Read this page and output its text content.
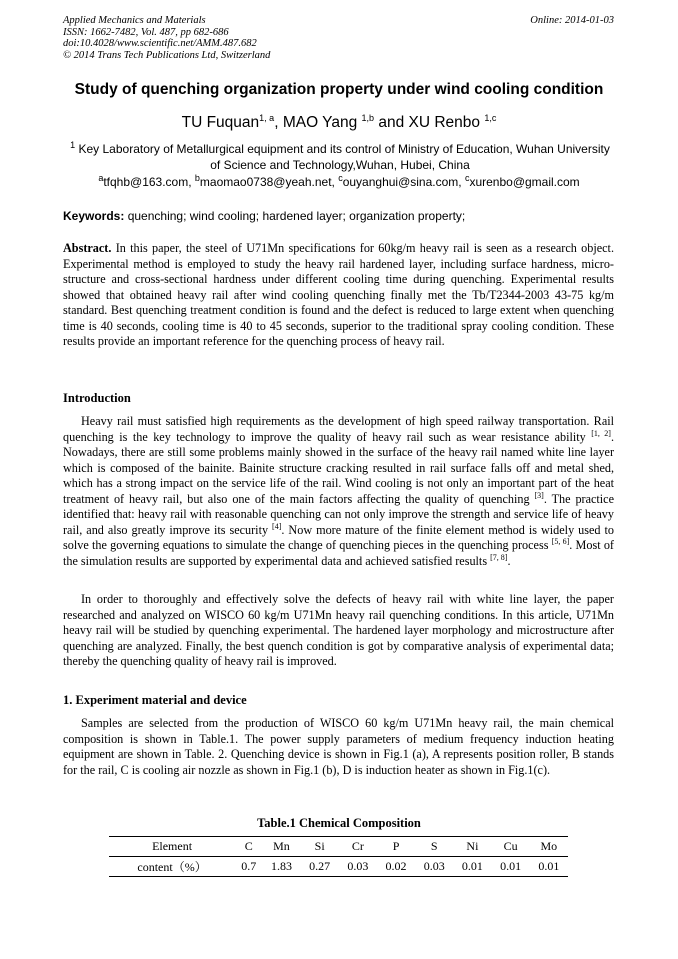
Applied Mechanics and Materials
ISSN: 1662-7482, Vol. 487, pp 682-686
doi:10.4028/www.scientific.net/AMM.487.682
© 2014 Trans Tech Publications Ltd, Switzerland
Online: 2014-01-03
Study of quenching organization property under wind cooling condition
TU Fuquan$^{1, a}$, MAO Yang $^{1,b}$ and XU Renbo $^{1,c}$
$^1$ Key Laboratory of Metallurgical equipment and its control of Ministry of Education, Wuhan University of Science and Technology,Wuhan, Hubei, China
$^a$tfqhb@163.com, $^b$maomao0738@yeah.net, $^c$ouyanghui@sina.com, $^c$xurenbo@gmail.com
Keywords: quenching; wind cooling; hardened layer; organization property;
Abstract. In this paper, the steel of U71Mn specifications for 60kg/m heavy rail is seen as a research object. Experimental method is employed to study the heavy rail hardened layer, including surface hardness, micro-structure and cross-sectional hardness under different cooling time during quenching. Experimental results showed that obtained heavy rail after wind cooling quenching finally met the Tb/T2344-2003 43-75 kg/m standard. Best quenching treatment condition is found and the defect is reduced to large extent when quenching time is 40 seconds, cooling time is 40 to 45 seconds, superior to the traditional spray cooling condition. These results provide an important reference for the quenching process of heavy rail.
Introduction
Heavy rail must satisfied high requirements as the development of high speed railway transportation. Rail quenching is the key technology to improve the quality of heavy rail such as wear resistance ability [1, 2]. Nowadays, there are still some problems mainly showed in the surface of the heavy rail named white line layer which is composed of the bainite. Bainite structure cracking resulted in rail surface falls off and metal shed, which has a strong impact on the service life of the rail. Wind cooling is not only an important part of the heat treatment of heavy rail, but also one of the main factors affecting the quality of quenching [3]. The practice identified that: heavy rail with reasonable quenching can not only improve the strength and service life of heavy rail, and also greatly improve its security [4]. Now more mature of the finite element method is widely used to solve the governing equations to simulate the change of quenching pieces in the quenching process [5, 6]. Most of the simulation results are supported by experimental data and achieved satisfied results [7, 8].
In order to thoroughly and effectively solve the defects of heavy rail with white line layer, the paper researched and analyzed on WISCO 60 kg/m U71Mn heavy rail quenching conditions. In this article, U71Mn heavy rail will be studied by quenching experimental. The hardened layer morphology and microstructure after quenching are analyzed. Finally, the best quench condition is got by comparative analysis of experimental data; thereby the quenching quality of heavy rail is improved.
1. Experiment material and device
Samples are selected from the production of WISCO 60 kg/m U71Mn heavy rail, the main chemical composition is shown in Table.1. The power supply parameters of medium frequency induction heating equipment are shown in Table. 2. Quenching device is shown in Fig.1 (a), A represents position roller, B stands for the rail, C is cooling air nozzle as shown in Fig.1 (b), D is induction heater as shown in Fig.1(c).
Table.1 Chemical Composition
Element	C	Mn	Si	Cr	P	S	Ni	Cu	Mo
content（%）	0.7	1.83	0.27	0.03	0.02	0.03	0.01	0.01	0.01
